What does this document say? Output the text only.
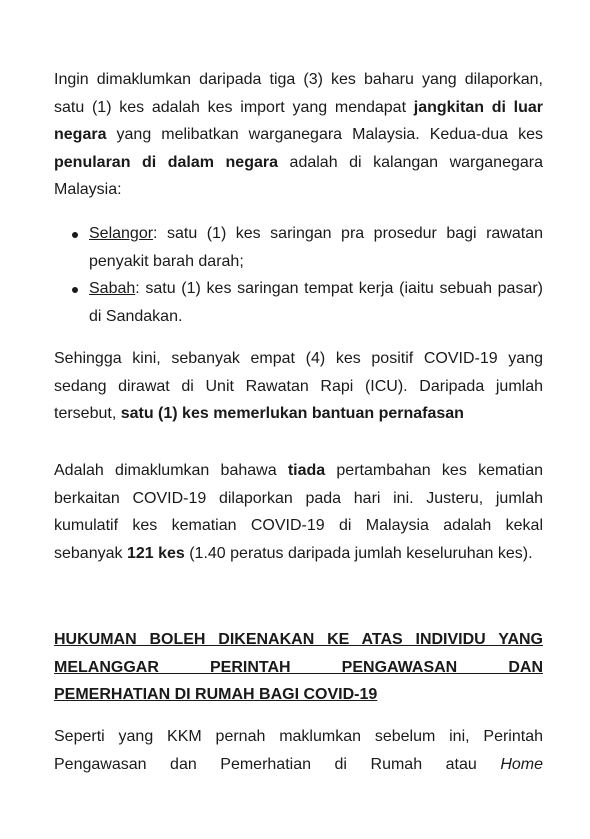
Ingin dimaklumkan daripada tiga (3) kes baharu yang dilaporkan, satu (1) kes adalah kes import yang mendapat jangkitan di luar negara yang melibatkan warganegara Malaysia. Kedua-dua kes penularan di dalam negara adalah di kalangan warganegara Malaysia:

Selangor: satu (1) kes saringan pra prosedur bagi rawatan penyakit barah darah;
Sabah: satu (1) kes saringan tempat kerja (iaitu sebuah pasar) di Sandakan.

Sehingga kini, sebanyak empat (4) kes positif COVID-19 yang sedang dirawat di Unit Rawatan Rapi (ICU). Daripada jumlah tersebut, satu (1) kes memerlukan bantuan pernafasan

Adalah dimaklumkan bahawa tiada pertambahan kes kematian berkaitan COVID-19 dilaporkan pada hari ini. Justeru, jumlah kumulatif kes kematian COVID-19 di Malaysia adalah kekal sebanyak 121 kes (1.40 peratus daripada jumlah keseluruhan kes).

HUKUMAN BOLEH DIKENAKAN KE ATAS INDIVIDU YANG
MELANGGAR PERINTAH PENGAWASAN DAN
PEMERHATIAN DI RUMAH BAGI COVID-19

Seperti yang KKM pernah maklumkan sebelum ini, Perintah Pengawasan dan Pemerhatian di Rumah atau Home
